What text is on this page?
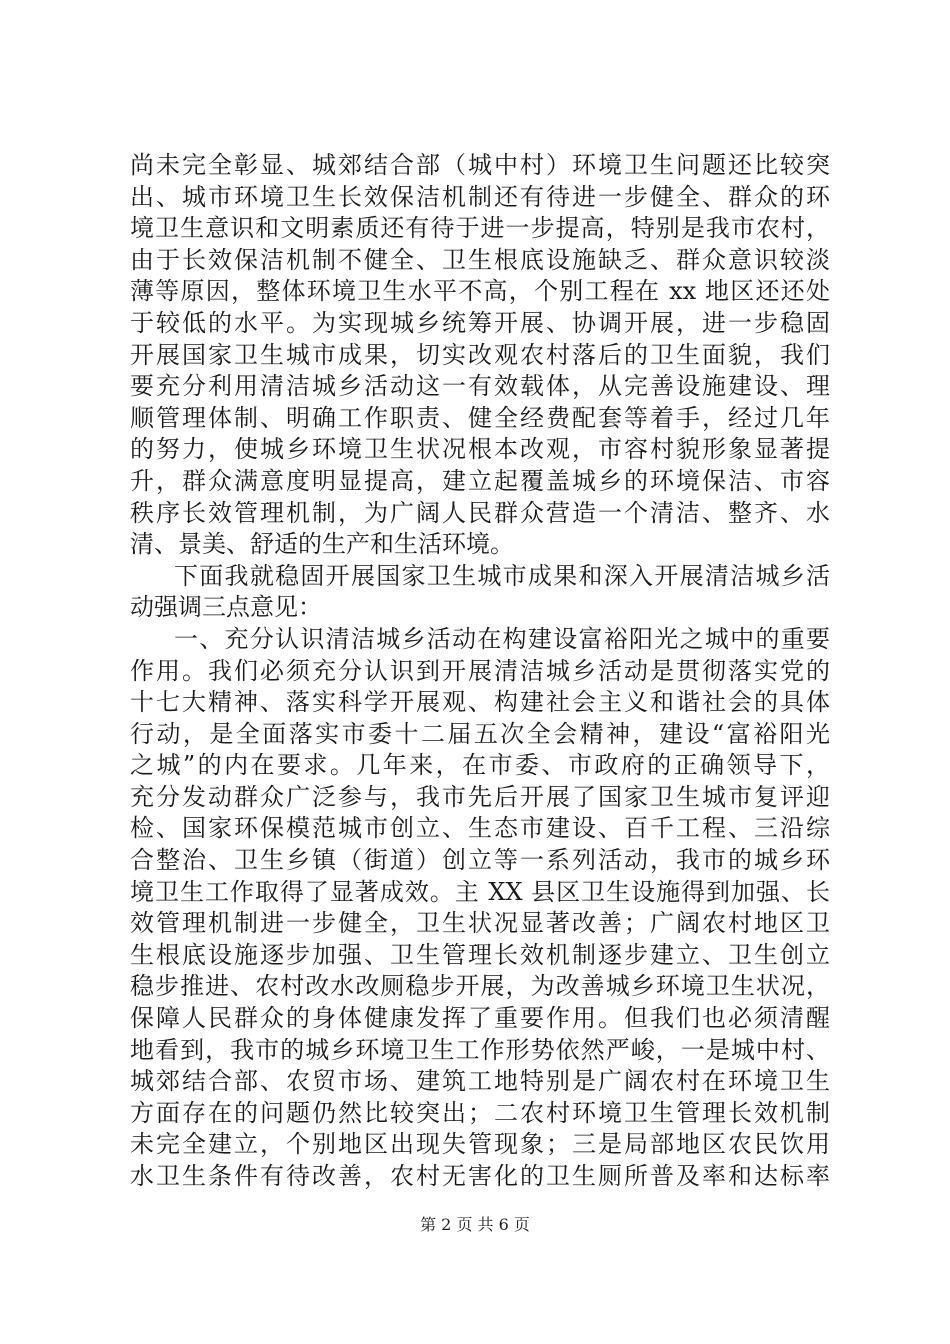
尚未完全彰显、城郊结合部（城中村）环境卫生问题还比较突
出、城市环境卫生长效保洁机制还有待进一步健全、群众的环
境卫生意识和文明素质还有待于进一步提高，特别是我市农村，
由于长效保洁机制不健全、卫生根底设施缺乏、群众意识较淡
薄等原因，整体环境卫生水平不高，个别工程在 xx 地区还还处
于较低的水平。为实现城乡统筹开展、协调开展，进一步稳固
开展国家卫生城市成果，切实改观农村落后的卫生面貌，我们
要充分利用清洁城乡活动这一有效载体，从完善设施建设、理
顺管理体制、明确工作职责、健全经费配套等着手，经过几年
的努力，使城乡环境卫生状况根本改观，市容村貌形象显著提
升，群众满意度明显提高，建立起覆盖城乡的环境保洁、市容
秩序长效管理机制，为广阔人民群众营造一个清洁、整齐、水
清、景美、舒适的生产和生活环境。
下面我就稳固开展国家卫生城市成果和深入开展清洁城乡活
动强调三点意见：
一、充分认识清洁城乡活动在构建设富裕阳光之城中的重要
作用。我们必须充分认识到开展清洁城乡活动是贯彻落实党的
十七大精神、落实科学开展观、构建社会主义和谐社会的具体
行动，是全面落实市委十二届五次全会精神，建设“富裕阳光
之城”的内在要求。几年来，在市委、市政府的正确领导下，
充分发动群众广泛参与，我市先后开展了国家卫生城市复评迎
检、国家环保模范城市创立、生态市建设、百千工程、三沿综
合整治、卫生乡镇（街道）创立等一系列活动，我市的城乡环
境卫生工作取得了显著成效。主 XX 县区卫生设施得到加强、长
效管理机制进一步健全，卫生状况显著改善；广阔农村地区卫
生根底设施逐步加强、卫生管理长效机制逐步建立、卫生创立
稳步推进、农村改水改厕稳步开展，为改善城乡环境卫生状况，
保障人民群众的身体健康发挥了重要作用。但我们也必须清醒
地看到，我市的城乡环境卫生工作形势依然严峻，一是城中村、
城郊结合部、农贸市场、建筑工地特别是广阔农村在环境卫生
方面存在的问题仍然比较突出；二农村环境卫生管理长效机制
未完全建立，个别地区出现失管现象；三是局部地区农民饮用
水卫生条件有待改善，农村无害化的卫生厕所普及率和达标率
第 2 页 共 6 页
